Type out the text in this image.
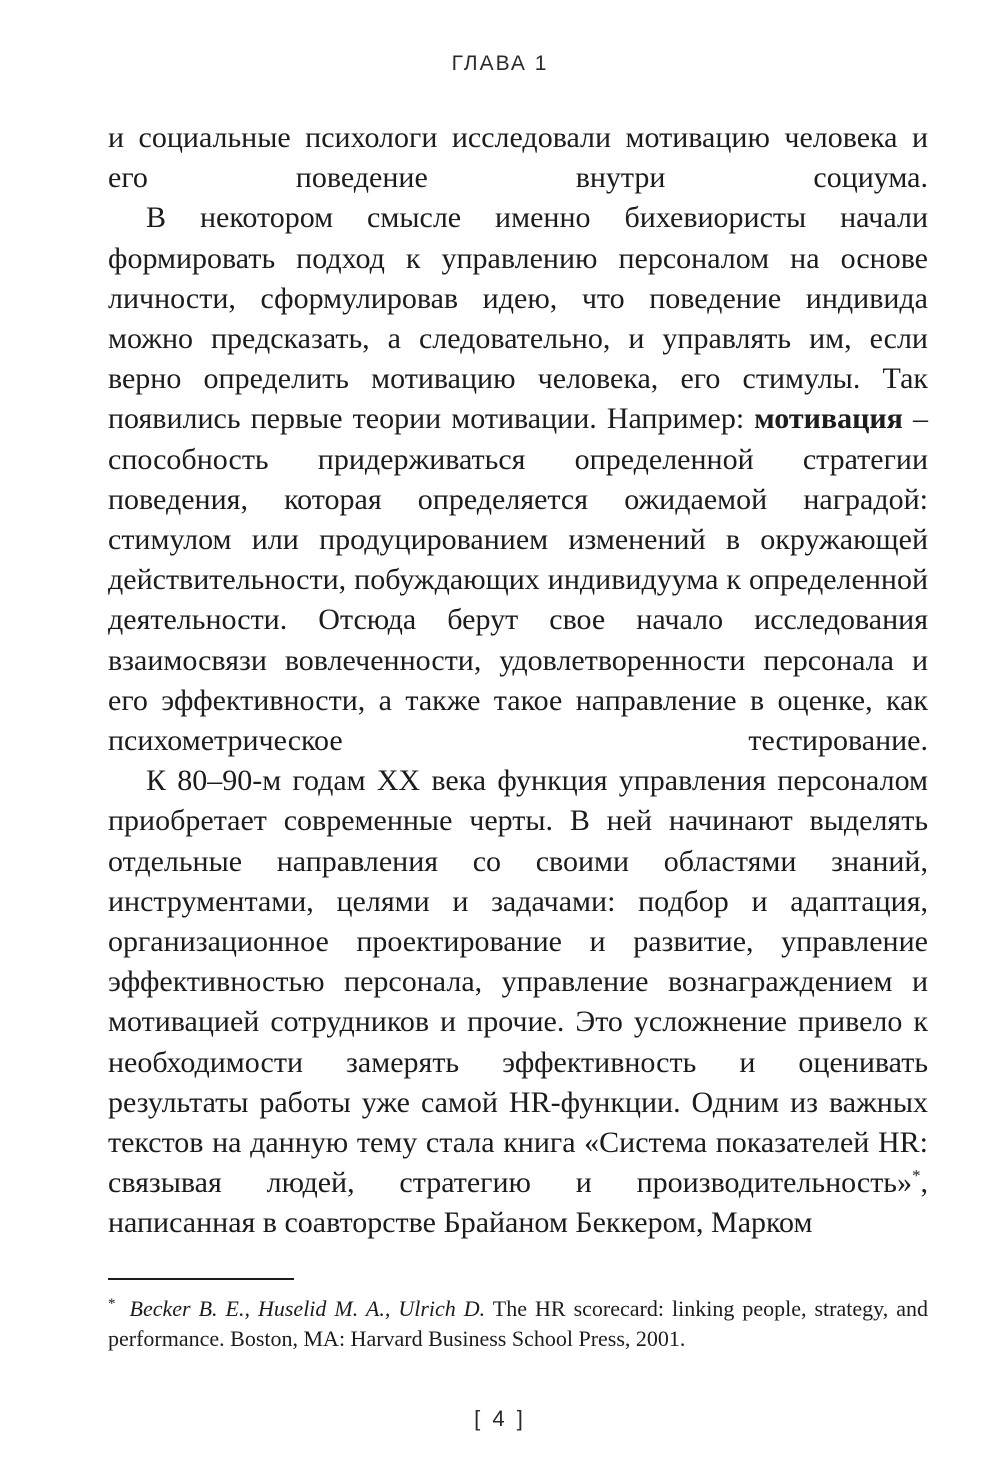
ГЛАВА 1

и социальные психологи исследовали мотивацию человека и его поведение внутри социума.

В некотором смысле именно бихевиористы начали формировать подход к управлению персоналом на основе личности, сформулировав идею, что поведение индивида можно предсказать, а следовательно, и управлять им, если верно определить мотивацию человека, его стимулы. Так появились первые теории мотивации. Например: мотивация – способность придерживаться определенной стратегии поведения, которая определяется ожидаемой наградой: стимулом или продуцированием изменений в окружающей действительности, побуждающих индивидуума к определенной деятельности. Отсюда берут свое начало исследования взаимосвязи вовлеченности, удовлетворенности персонала и его эффективности, а также такое направление в оценке, как психометрическое тестирование.

К 80–90-м годам XX века функция управления персоналом приобретает современные черты. В ней начинают выделять отдельные направления со своими областями знаний, инструментами, целями и задачами: подбор и адаптация, организационное проектирование и развитие, управление эффективностью персонала, управление вознаграждением и мотивацией сотрудников и прочие. Это усложнение привело к необходимости замерять эффективность и оценивать результаты работы уже самой HR-функции. Одним из важных текстов на данную тему стала книга «Система показателей HR: связывая людей, стратегию и производительность»*, написанная в соавторстве Брайаном Беккером, Марком

* Becker B. E., Huselid M. A., Ulrich D. The HR scorecard: linking people, strategy, and performance. Boston, MA: Harvard Business School Press, 2001.

[ 4 ]
